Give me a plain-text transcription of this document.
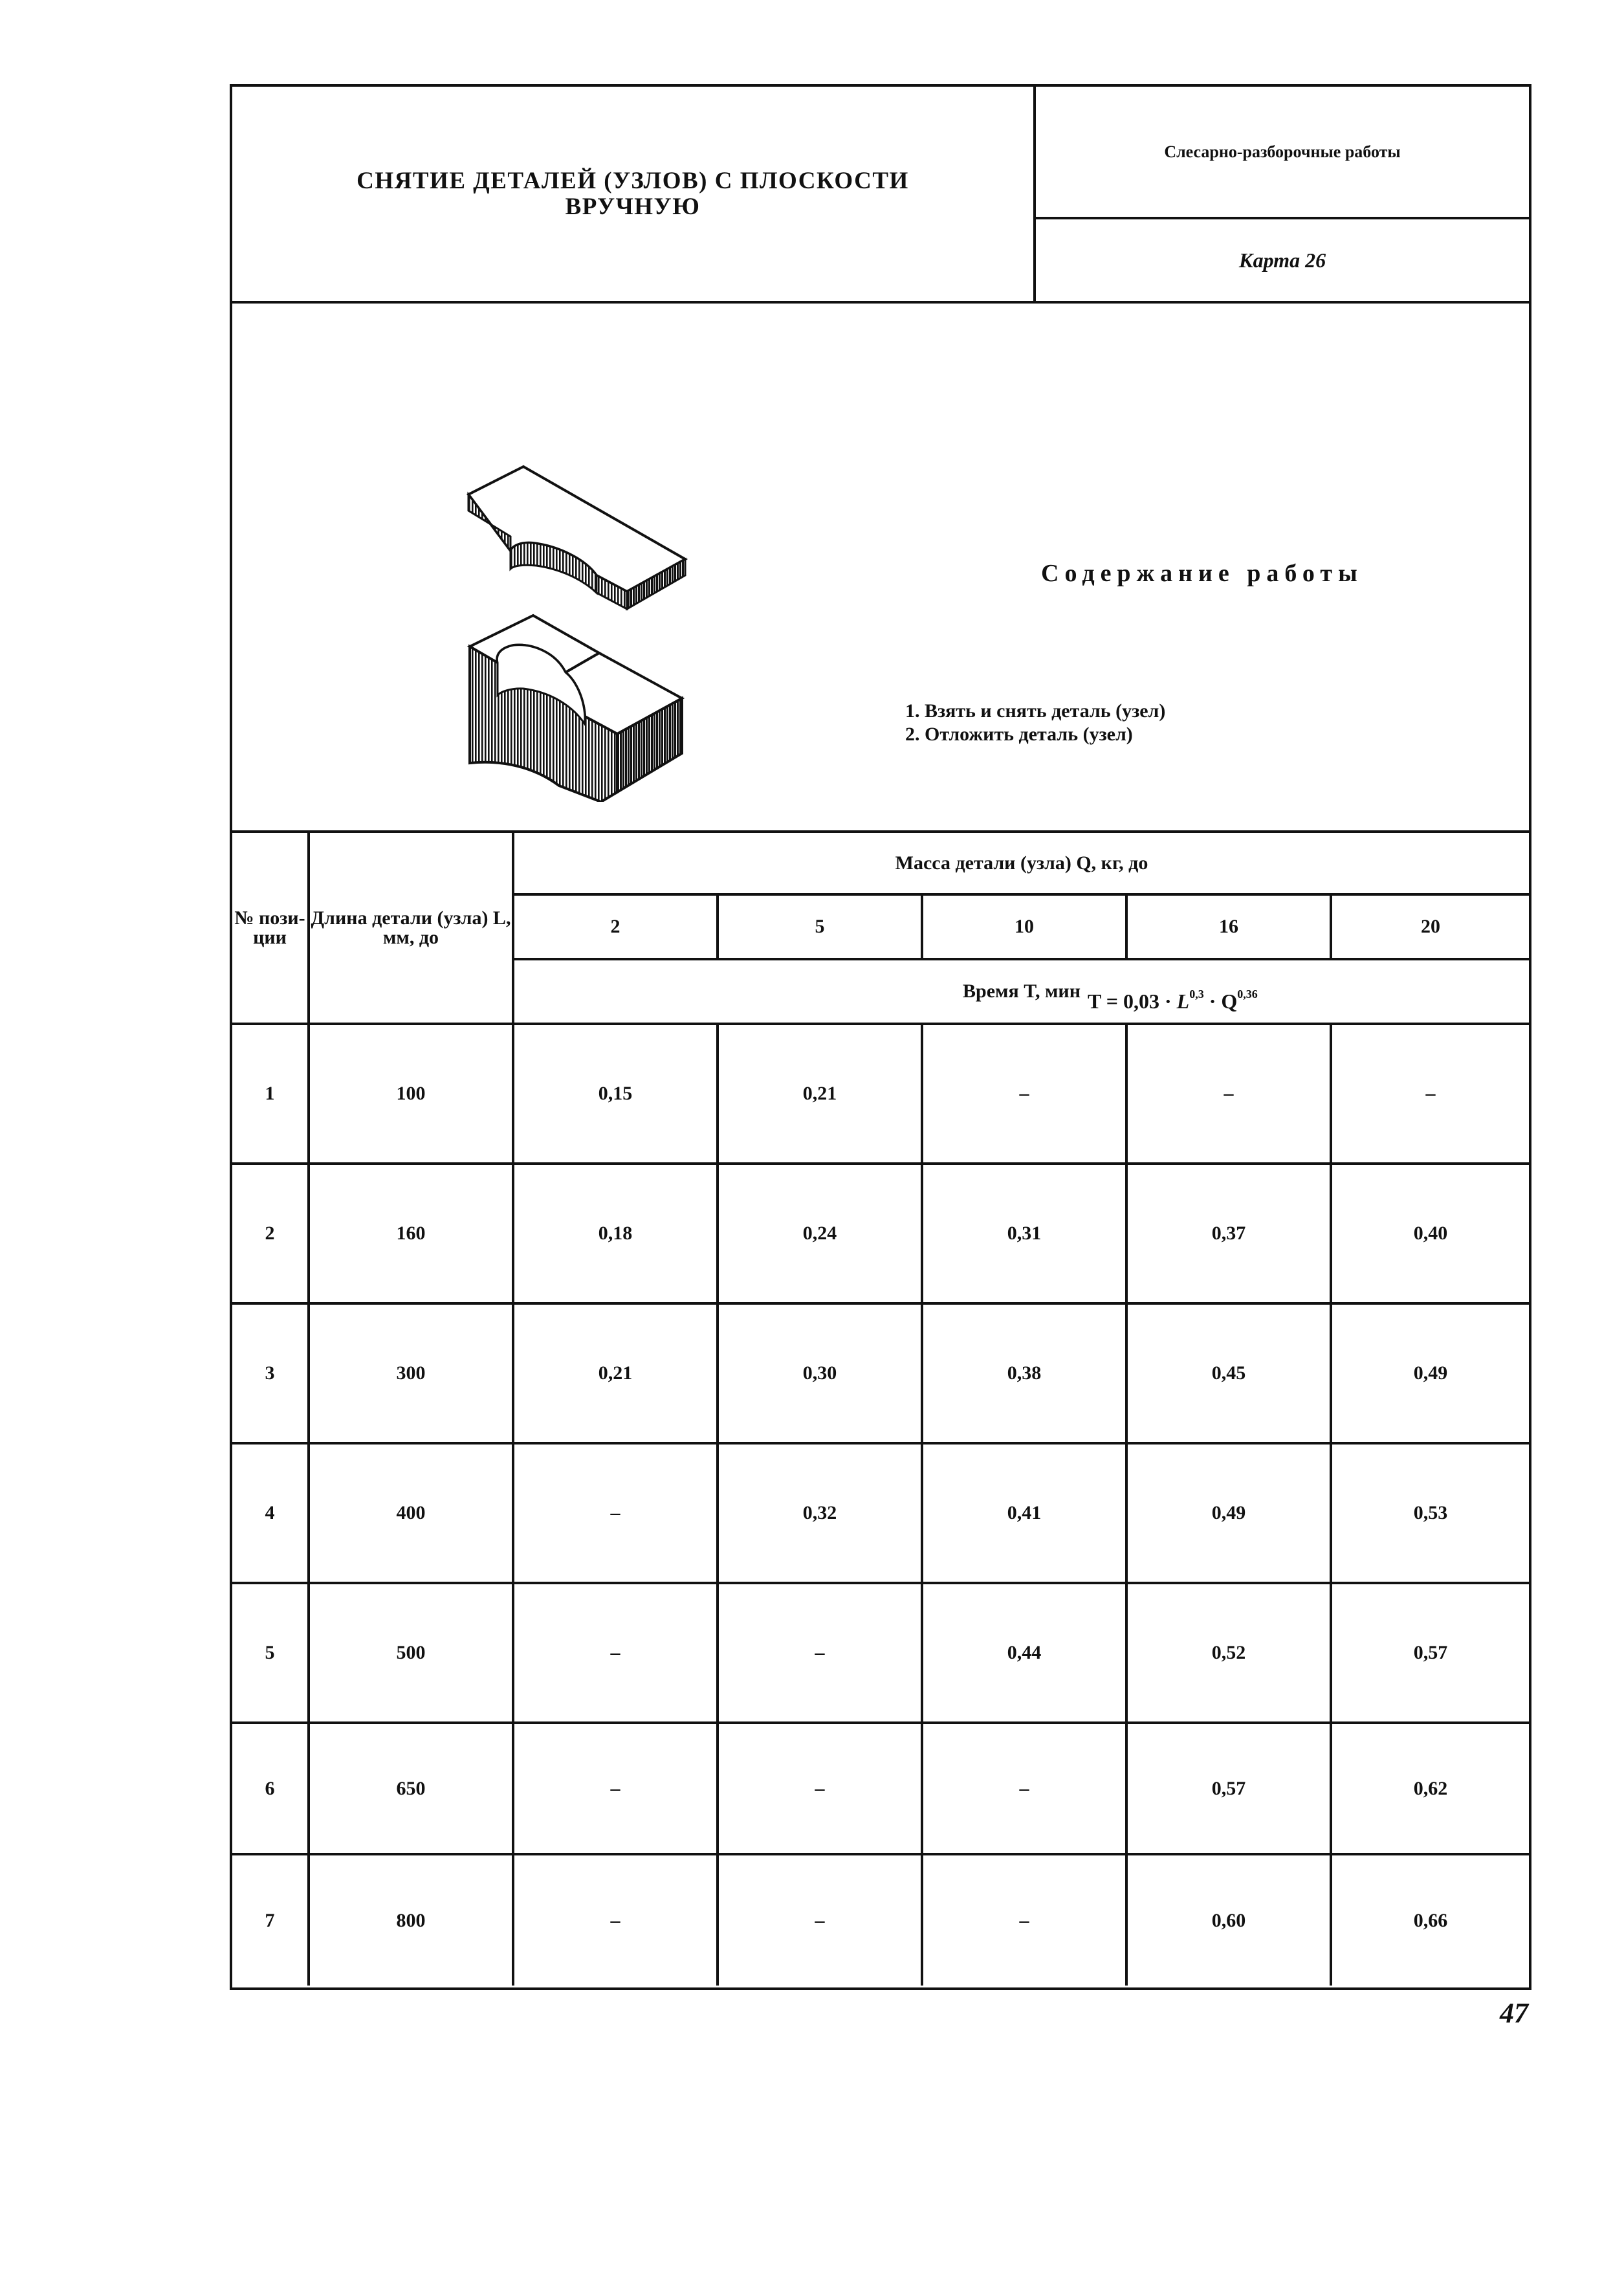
СНЯТИЕ ДЕТАЛЕЙ (УЗЛОВ) С ПЛОСКОСТИ ВРУЧНУЮ
Слесарно-разборочные работы
Карта 26
Содержание работы
1. Взять и снять деталь (узел)
2. Отложить деталь (узел)
T = 0,03 · L$^{0,3}$ · Q$^{0,36}$
№ пози-ции	Длина детали (узла) L, мм, до	Масса детали (узла) Q, кг, до				
		2	5	10	16	20
		Время T, мин				
1	100	0,15	0,21	–	–	–
2	160	0,18	0,24	0,31	0,37	0,40
3	300	0,21	0,30	0,38	0,45	0,49
4	400	–	0,32	0,41	0,49	0,53
5	500	–	–	0,44	0,52	0,57
6	650	–	–	–	0,57	0,62
7	800	–	–	–	0,60	0,66
47
